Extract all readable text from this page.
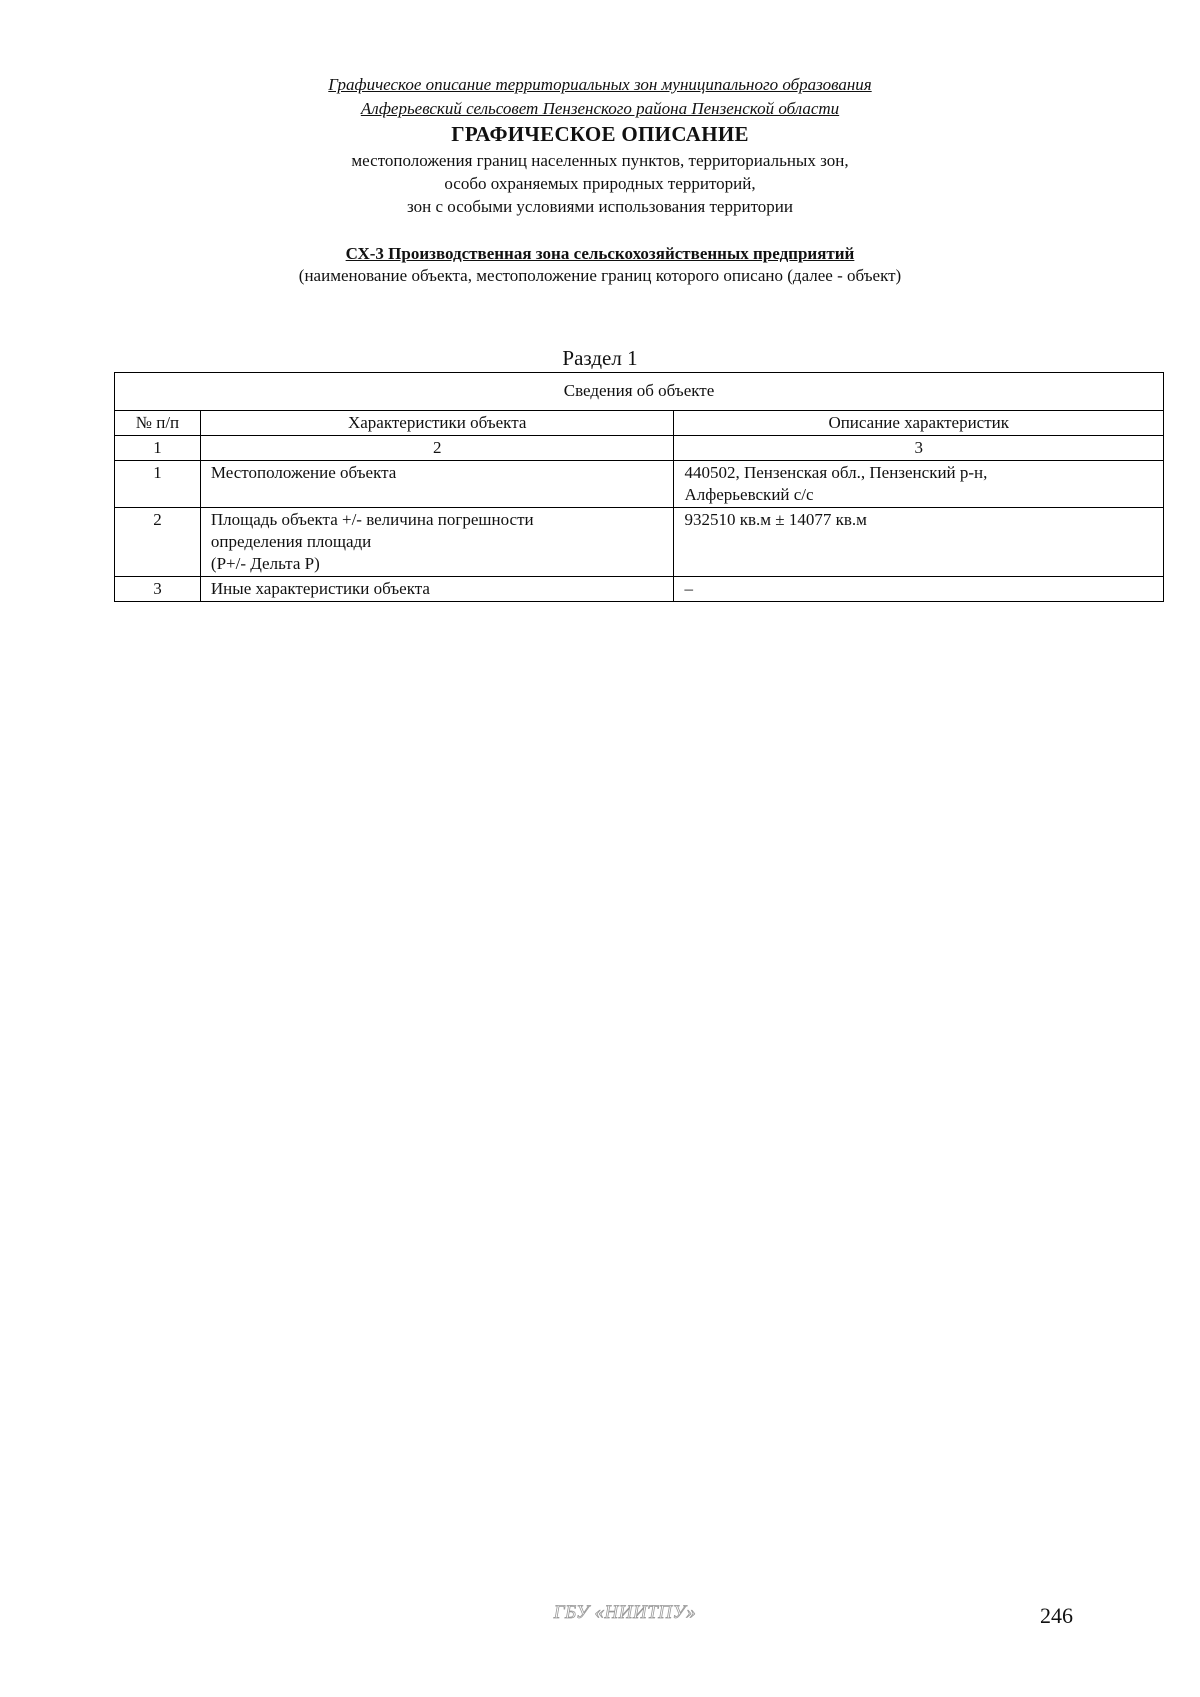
Графическое описание территориальных зон муниципального образования
Алферьевский сельсовет Пензенского района Пензенской области
ГРАФИЧЕСКОЕ ОПИСАНИЕ
местоположения границ населенных пунктов, территориальных зон,
особо охраняемых природных территорий,
зон с особыми условиями использования территории
СХ-3 Производственная зона сельскохозяйственных предприятий
(наименование объекта, местоположение границ которого описано (далее - объект)
Раздел 1
Сведения об объекте		
№ п/п	Характеристики объекта	Описание характеристик
1	2	3
1	Местоположение объекта	440502, Пензенская обл., Пензенский р-н,
Алферьевский с/с

2	Площадь объекта +/- величина погрешности
определения площади
(Р+/- Дельта Р)	932510 кв.м ± 14077 кв.м

3	Иные характеристики объекта	–
ГБУ «НИИТПУ»	246
